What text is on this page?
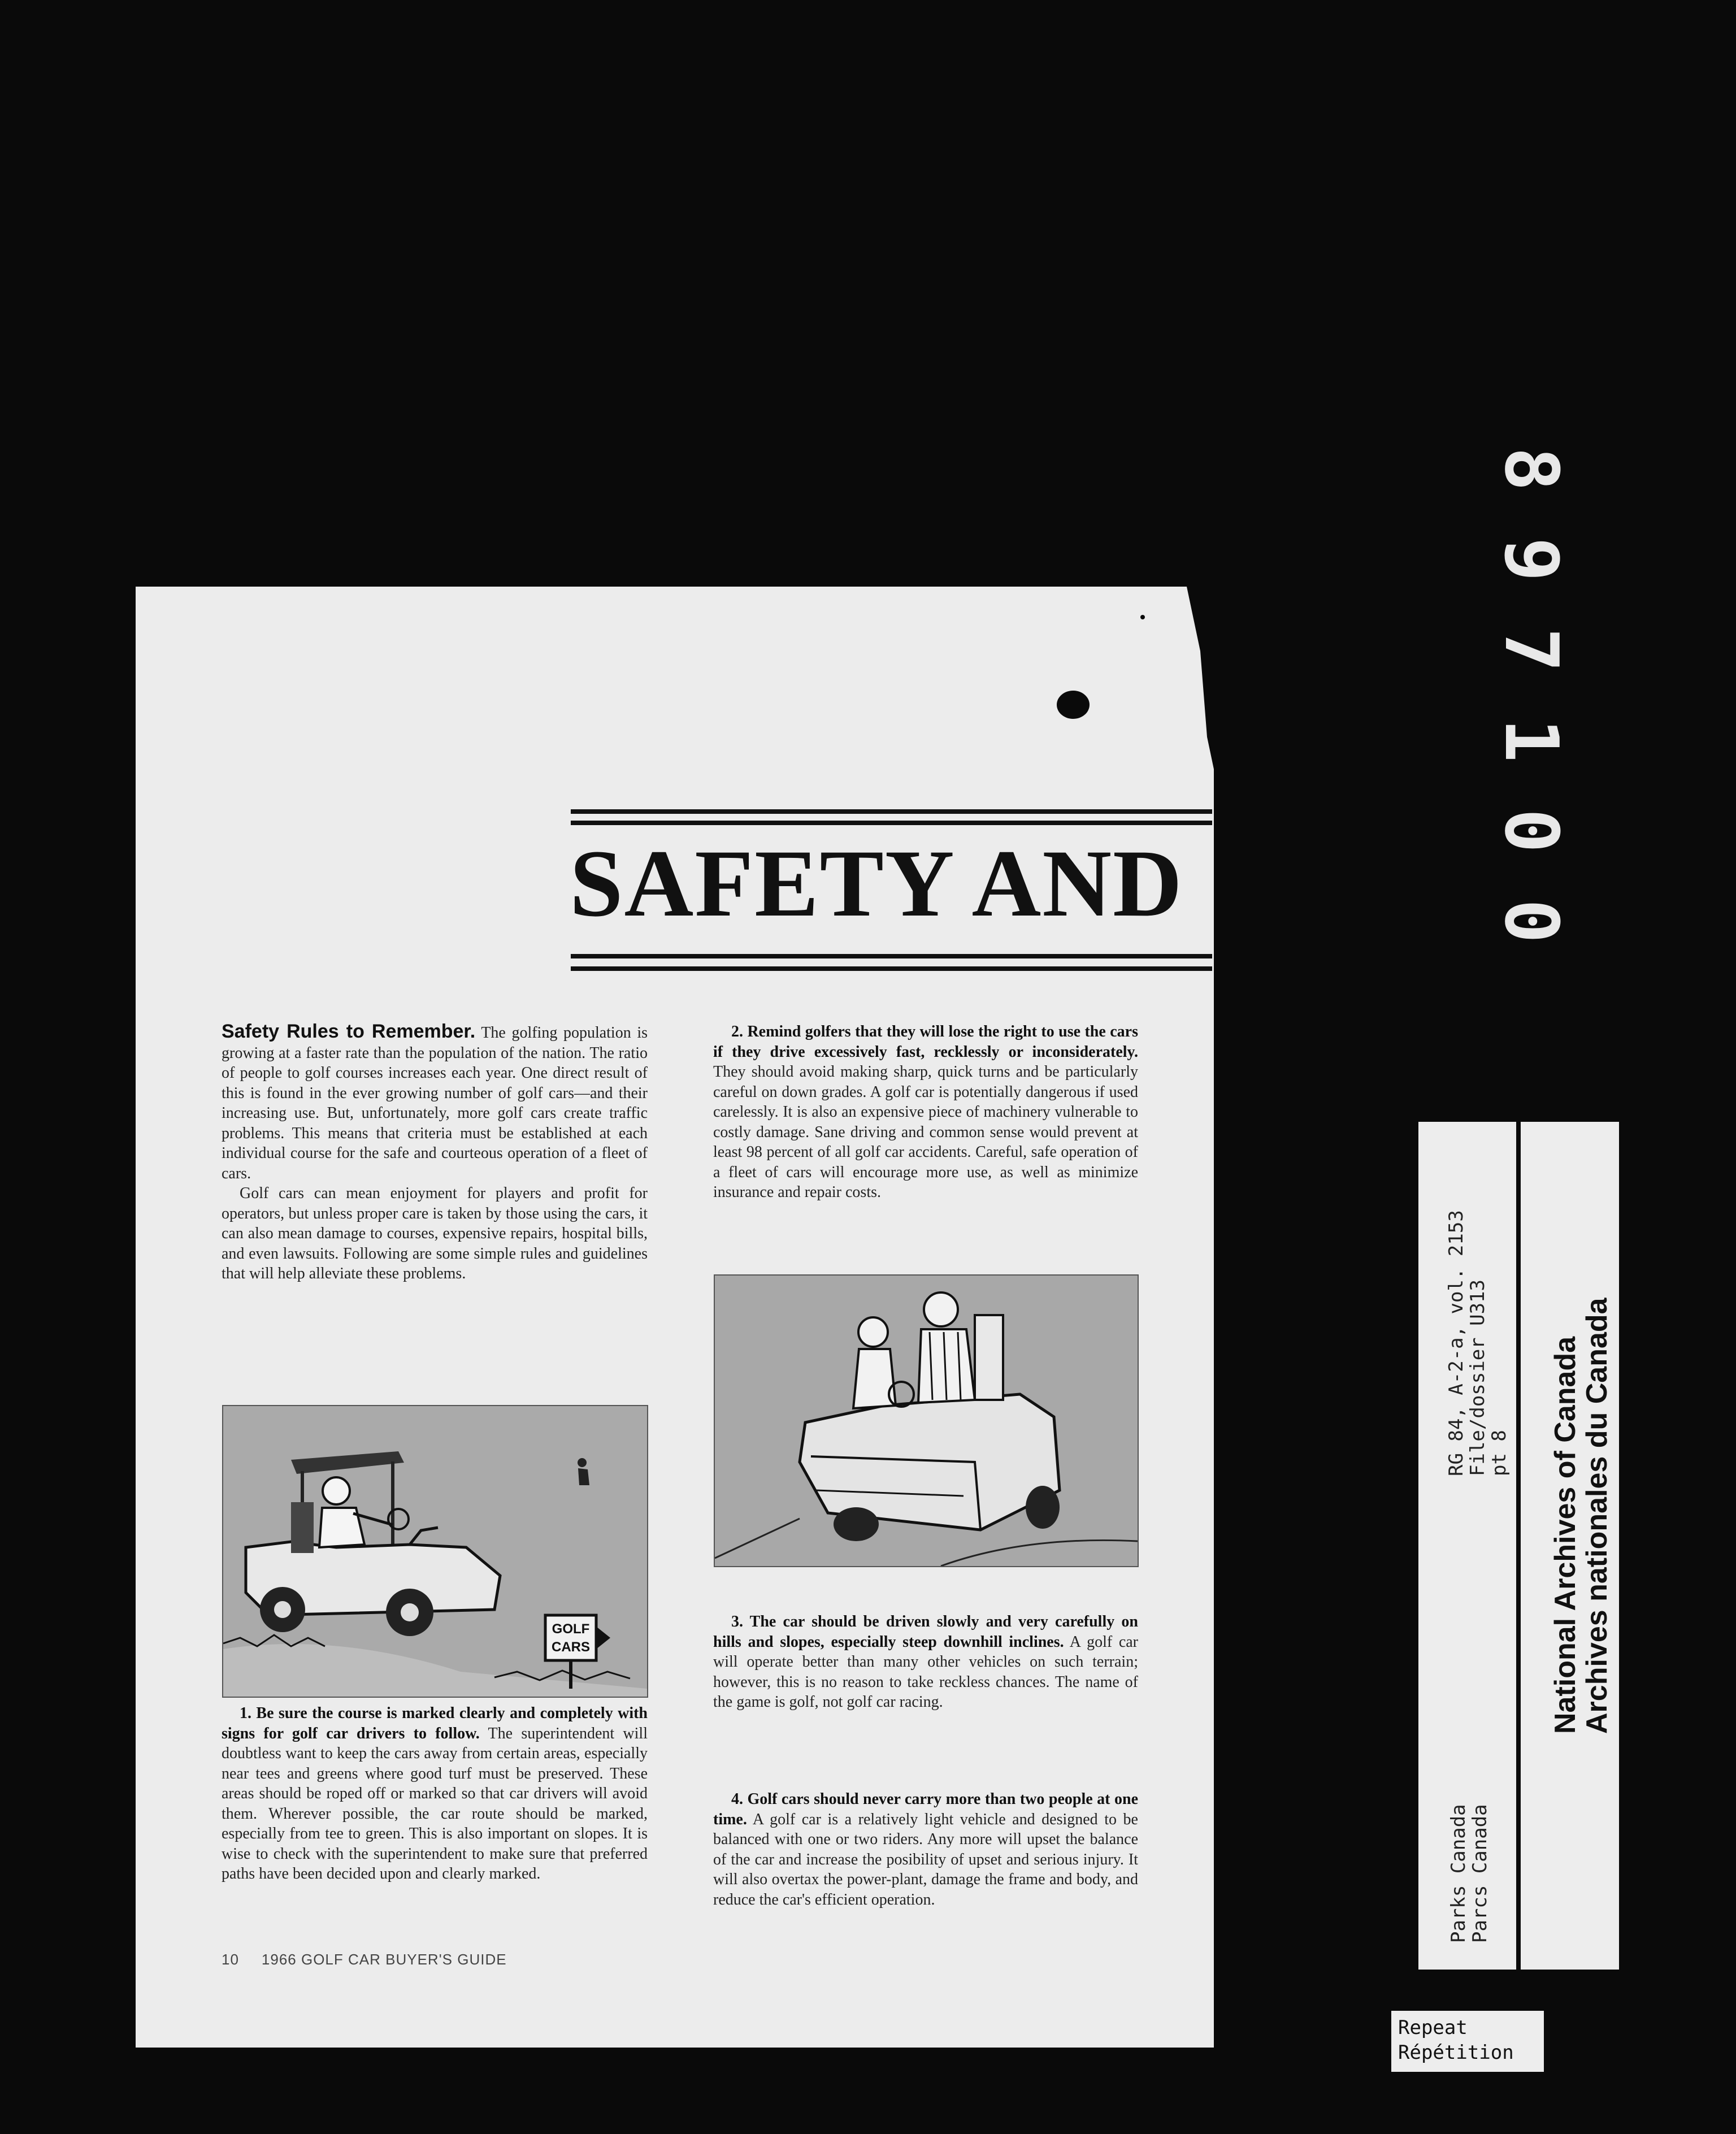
SAFETY AND

Safety Rules to Remember. The golfing population is growing at a faster rate than the population of the nation. The ratio of people to golf courses increases each year. One direct result of this is found in the ever growing number of golf cars—and their increasing use. But, unfortunately, more golf cars create traffic problems. This means that criteria must be established at each individual course for the safe and courteous operation of a fleet of cars.

Golf cars can mean enjoyment for players and profit for operators, but unless proper care is taken by those using the cars, it can also mean damage to courses, expensive repairs, hospital bills, and even lawsuits. Following are some simple rules and guidelines that will help alleviate these problems.

GOLF
CARS

1. Be sure the course is marked clearly and completely with signs for golf car drivers to follow. The superintendent will doubtless want to keep the cars away from certain areas, especially near tees and greens where good turf must be preserved. These areas should be roped off or marked so that car drivers will avoid them. Wherever possible, the car route should be marked, especially from tee to green. This is also important on slopes. It is wise to check with the superintendent to make sure that preferred paths have been decided upon and clearly marked.

2. Remind golfers that they will lose the right to use the cars if they drive excessively fast, recklessly or inconsiderately. They should avoid making sharp, quick turns and be particularly careful on down grades. A golf car is potentially dangerous if used carelessly. It is also an expensive piece of machinery vulnerable to costly damage. Sane driving and common sense would prevent at least 98 percent of all golf car accidents. Careful, safe operation of a fleet of cars will encourage more use, as well as minimize insurance and repair costs.

3. The car should be driven slowly and very carefully on hills and slopes, especially steep downhill inclines. A golf car will operate better than many other vehicles on such terrain; however, this is no reason to take reckless chances. The name of the game is golf, not golf car racing.

4. Golf cars should never carry more than two people at one time. A golf car is a relatively light vehicle and designed to be balanced with one or two riders. Any more will upset the balance of the car and increase the posibility of upset and serious injury. It will also overtax the power-plant, damage the frame and body, and reduce the car's efficient operation.

10 1966 GOLF CAR BUYER'S GUIDE
8
9
7
1
0
0
RG 84, A-2-a, vol. 2153
File/dossier U313
pt 8
Parks Canada
Parcs Canada
National Archives of Canada
Archives nationales du Canada
Repeat
Répétition
